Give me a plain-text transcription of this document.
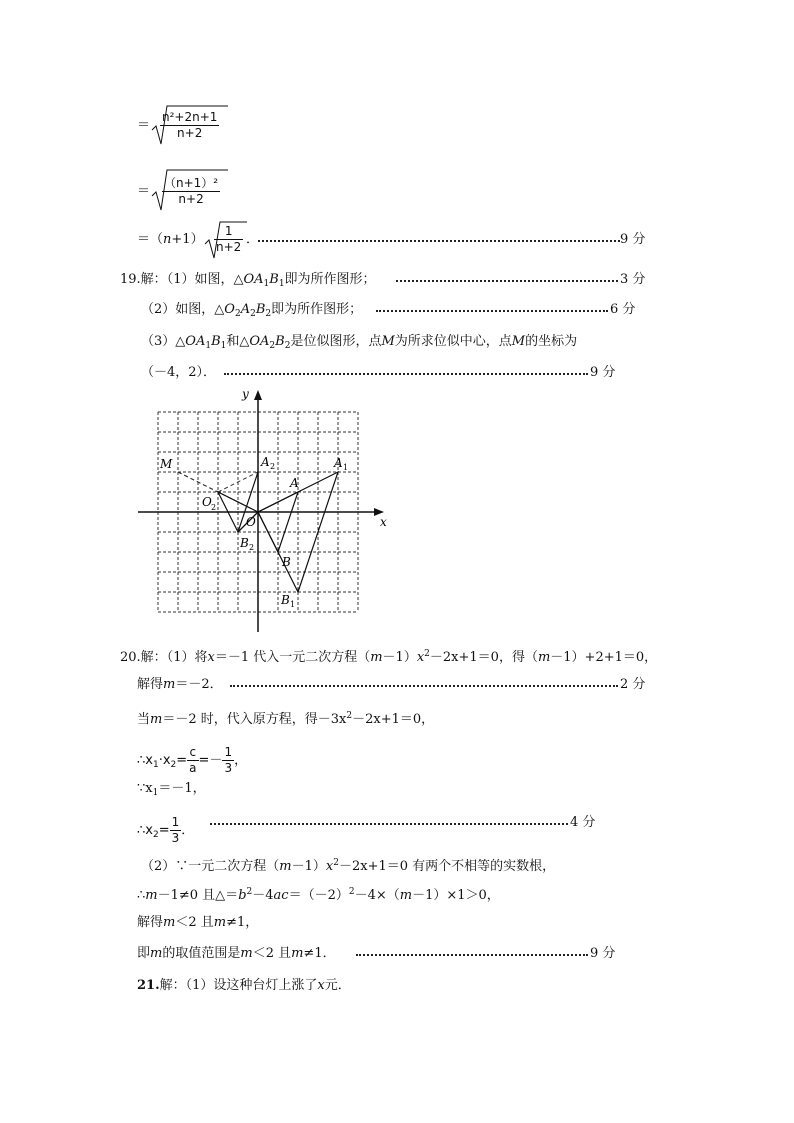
＝ $\frac{\text{n²+2n+1}}{n+2}$
＝ $\frac{\text{（n+1）²}}{n+2}$
$=(n+1) \frac{1}{n+2}$ ．	9 分
19.解：（1）如图，$\triangle OA_1B_1$即为所作图形；	3 分
（2）如图，$\triangle O_2A_2B_2$即为所作图形；	6 分
$(3)\triangle OA_1B_1$和$\triangle OA_2B_2$是位似图形，点M为所求位似中心，点M的坐标为
（－4，2）．	9 分
y
x
O
M
O 2
A 2
A
A 1
B 2
B
B 1
20.解：（1）将x＝－1 代入一元二次方程$(m-1)x^2-2x+1=0$，得（m－1）+2+1＝0，
解得m＝－2．	2 分
当m＝－2 时，代入原方程，得$-3x^2-2x+1=0$，
$\therefore x_1\cdot x_2= \frac{c}{a} =- \frac{1}{3}$ ，
$\because x_1=-1$，
$\therefore x_2= \frac{1}{3}$ ．
4 分
（2）∵一元二次方程$(m-1)x^2-2x+1=0$ 有两个不相等的实数根，
∴m－1≠0 且$\triangle=b^2-4ac=(-2)^2-4\times(m-1)\times 1>0$，
解得m＜2 且m≠1，
即m的取值范围是m＜2 且m≠1．	9 分
21.解：（1）设这种台灯上涨了x元．
